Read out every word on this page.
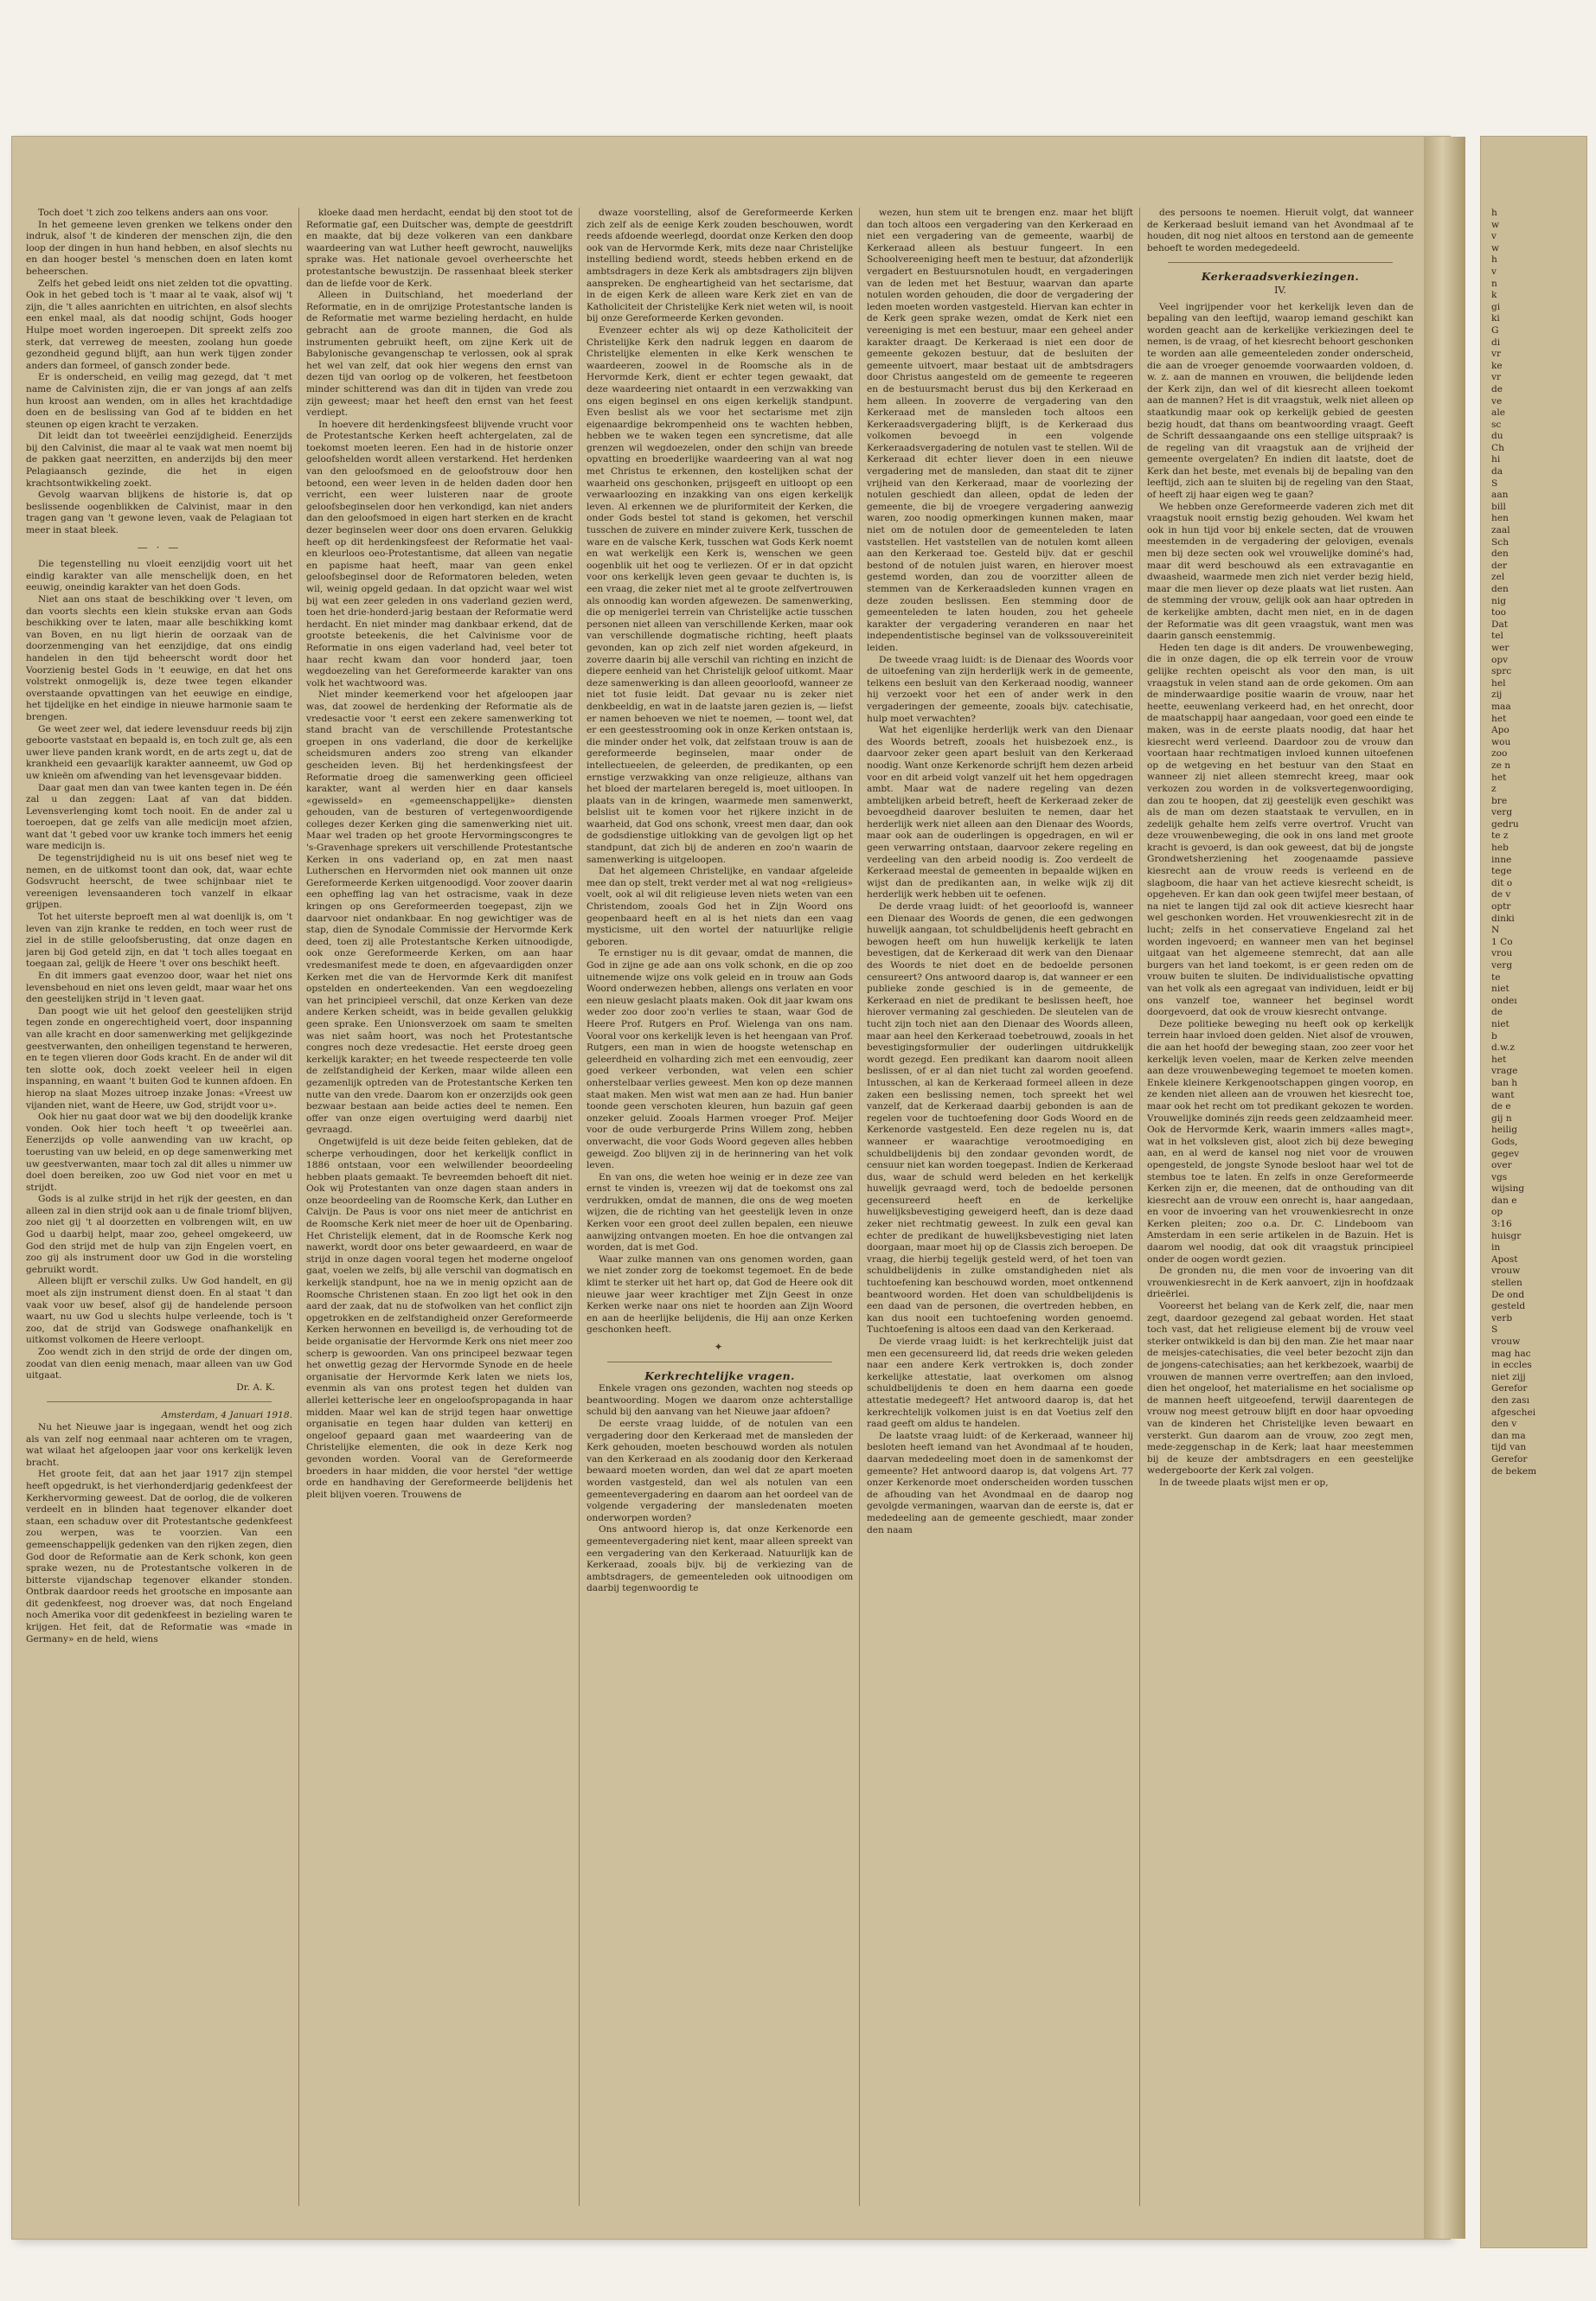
Toch doet 't zich zoo telkens anders aan ons voor.

In het gemeene leven grenken we telkens onder den indruk, alsof 't de kinderen der menschen zijn, die den loop der dingen in hun hand hebben, en alsof slechts nu en dan hooger bestel 's menschen doen en laten komt beheerschen.

Zelfs het gebed leidt ons niet zelden tot die opvatting. Ook in het gebed toch is 't maar al te vaak, alsof wij 't zijn, die 't alles aanrichten en uitrichten, en alsof slechts een enkel maal, als dat noodig schijnt, Gods hooger Hulpe moet worden ingeroepen. Dit spreekt zelfs zoo sterk, dat verreweg de meesten, zoolang hun goede gezondheid gegund blijft, aan hun werk tijgen zonder anders dan formeel, of gansch zonder bede.

Er is onderscheid, en veilig mag gezegd, dat 't met name de Calvinisten zijn, die er van jongs af aan zelfs hun kroost aan wenden, om in alles het krachtdadige doen en de beslissing van God af te bidden en het steunen op eigen kracht te verzaken.

Dit leidt dan tot tweeërlei eenzijdigheid. Eenerzijds bij den Calvinist, die maar al te vaak wat men noemt bij de pakken gaat neerzitten, en anderzijds bij den meer Pelagiaansch gezinde, die het in eigen krachtsontwikkeling zoekt.

Gevolg waarvan blijkens de historie is, dat op beslissende oogenblikken de Calvinist, maar in den tragen gang van 't gewone leven, vaak de Pelagiaan tot meer in staat bleek.

— · —

Die tegenstelling nu vloeit eenzijdig voort uit het eindig karakter van alle menschelijk doen, en het eeuwig, oneindig karakter van het doen Gods.

Niet aan ons staat de beschikking over 't leven, om dan voorts slechts een klein stukske ervan aan Gods beschikking over te laten, maar alle beschikking komt van Boven, en nu ligt hierin de oorzaak van de doorzenmenging van het eenzijdige, dat ons eindig handelen in den tijd beheerscht wordt door het Voorzienig bestel Gods in 't eeuwige, en dat het ons volstrekt onmogelijk is, deze twee tegen elkander overstaande opvattingen van het eeuwige en eindige, het tijdelijke en het eindige in nieuwe harmonie saam te brengen.

Ge weet zeer wel, dat iedere levensduur reeds bij zijn geboorte vaststaat en bepaald is, en toch zult ge, als een uwer lieve panden krank wordt, en de arts zegt u, dat de krankheid een gevaarlijk karakter aanneemt, uw God op uw knieën om afwending van het levensgevaar bidden.

Daar gaat men dan van twee kanten tegen in. De één zal u dan zeggen: Laat af van dat bidden. Levensverlenging komt toch nooit. En de ander zal u toeroepen, dat ge zelfs van alle medicijn moet afzien, want dat 't gebed voor uw kranke toch immers het eenig ware medicijn is.

De tegenstrijdigheid nu is uit ons besef niet weg te nemen, en de uitkomst toont dan ook, dat, waar echte Godsvrucht heerscht, de twee schijnbaar niet te vereenigen levensaanderen toch vanzelf in elkaar grijpen.

Tot het uiterste beproeft men al wat doenlijk is, om 't leven van zijn kranke te redden, en toch weer rust de ziel in de stille geloofsberusting, dat onze dagen en jaren bij God geteld zijn, en dat 't toch alles toegaat en toegaan zal, gelijk de Heere 't over ons beschikt heeft.

En dit immers gaat evenzoo door, waar het niet ons levensbehoud en niet ons leven geldt, maar waar het ons den geestelijken strijd in 't leven gaat.

Dan poogt wie uit het geloof den geestelijken strijd tegen zonde en ongerechtigheid voert, door inspanning van alle kracht en door samenwerking met gelijkgezinde geestverwanten, den onheiligen tegenstand te herweren, en te tegen vlieren door Gods kracht. En de ander wil dit ten slotte ook, doch zoekt veeleer heil in eigen inspanning, en waant 't buiten God te kunnen afdoen. En hierop na slaat Mozes uitroep inzake Jonas: «Vreest uw vijanden niet, want de Heere, uw God, strijdt voor u».

Ook hier nu gaat door wat we bij den doodelijk kranke vonden. Ook hier toch heeft 't op tweeërlei aan. Eenerzijds op volle aanwending van uw kracht, op toerusting van uw beleid, en op dege samenwerking met uw geestverwanten, maar toch zal dit alles u nimmer uw doel doen bereiken, zoo uw God niet voor en met u strijdt.

Gods is al zulke strijd in het rijk der geesten, en dan alleen zal in dien strijd ook aan u de finale triomf blijven, zoo niet gij 't al doorzetten en volbrengen wilt, en uw God u daarbij helpt, maar zoo, geheel omgekeerd, uw God den strijd met de hulp van zijn Engelen voert, en zoo gij als instrument door uw God in die worsteling gebruikt wordt.

Alleen blijft er verschil zulks. Uw God handelt, en gij moet als zijn instrument dienst doen. En al staat 't dan vaak voor uw besef, alsof gij de handelende persoon waart, nu uw God u slechts hulpe verleende, toch is 't zoo, dat de strijd van Godswege onafhankelijk en uitkomst volkomen de Heere verloopt.

Zoo wendt zich in den strijd de orde der dingen om, zoodat van dien eenig menach, maar alleen van uw God uitgaat.

Dr. A. K.

Amsterdam, 4 Januari 1918.

Nu het Nieuwe jaar is ingegaan, wendt het oog zich als van zelf nog eenmaal naar achteren om te vragen, wat wilaat het afgeloopen jaar voor ons kerkelijk leven bracht.

Het groote feit, dat aan het jaar 1917 zijn stempel heeft opgedrukt, is het vierhonderdjarig gedenkfeest der Kerkhervorming geweest. Dat de oorlog, die de volkeren verdeelt en in blinden haat tegenover elkander doet staan, een schaduw over dit Protestantsche gedenkfeest zou werpen, was te voorzien. Van een gemeenschappelijk gedenken van den rijken zegen, dien God door de Reformatie aan de Kerk schonk, kon geen sprake wezen, nu de Protestantsche volkeren in de bitterste vijandschap tegenover elkander stonden. Ontbrak daardoor reeds het grootsche en imposante aan dit gedenkfeest, nog droever was, dat noch Engeland noch Amerika voor dit gedenkfeest in bezieling waren te krijgen. Het feit, dat de Reformatie was «made in Germany» en de held, wiens

kloeke daad men herdacht, eendat bij den stoot tot de Reformatie gaf, een Duitscher was, dempte de geestdrift en maakte, dat bij deze volkeren van een dankbare waardeering van wat Luther heeft gewrocht, nauwelijks sprake was. Het nationale gevoel overheerschte het protestantsche bewustzijn. De rassenhaat bleek sterker dan de liefde voor de Kerk.

Alleen in Duitschland, het moederland der Reformatie, en in de omrijzige Protestantsche landen is de Reformatie met warme bezieling herdacht, en hulde gebracht aan de groote mannen, die God als instrumenten gebruikt heeft, om zijne Kerk uit de Babylonische gevangenschap te verlossen, ook al sprak het wel van zelf, dat ook hier wegens den ernst van dezen tijd van oorlog op de volkeren, het feestbetoon minder schitterend was dan dit in tijden van vrede zou zijn geweest; maar het heeft den ernst van het feest verdiept.

In hoevere dit herdenkingsfeest blijvende vrucht voor de Protestantsche Kerken heeft achtergelaten, zal de toekomst moeten leeren. Een had in de historie onzer geloofshelden wordt alleen verstarkend. Het herdenken van den geloofsmoed en de geloofstrouw door hen betoond, een weer leven in de helden daden door hen verricht, een weer luisteren naar de groote geloofsbeginselen door hen verkondigd, kan niet anders dan den geloofsmoed in eigen hart sterken en de kracht dezer beginselen weer door ons doen ervaren. Gelukkig heeft op dit herdenkingsfeest der Reformatie het vaal- en kleurloos oeo-Protestantisme, dat alleen van negatie en papisme haat heeft, maar van geen enkel geloofsbeginsel door de Reformatoren beleden, weten wil, weinig opgeld gedaan. In dat opzicht waar wel wist bij wat een zeer geleden in ons vaderland gezien werd, toen het drie-honderd-jarig bestaan der Reformatie werd herdacht. En niet minder mag dankbaar erkend, dat de grootste beteekenis, die het Calvinisme voor de Reformatie in ons eigen vaderland had, veel beter tot haar recht kwam dan voor honderd jaar, toen wegdoezeling van het Gereformeerde karakter van ons volk het wachtwoord was.

Niet minder keemerkend voor het afgeloopen jaar was, dat zoowel de herdenking der Reformatie als de vredesactie voor 't eerst een zekere samenwerking tot stand bracht van de verschillende Protestantsche groepen in ons vaderland, die door de kerkelijke scheidsmuren anders zoo streng van elkander gescheiden leven. Bij het herdenkingsfeest der Reformatie droeg die samenwerking geen officieel karakter, want al werden hier en daar kansels «gewisseld» en «gemeenschappelijke» diensten gehouden, van de besturen of vertegenwoordigende colleges dezer Kerken ging die samenwerking niet uit. Maar wel traden op het groote Hervormingscongres te 's-Gravenhage sprekers uit verschillende Protestantsche Kerken in ons vaderland op, en zat men naast Lutherschen en Hervormden niet ook mannen uit onze Gereformeerde Kerken uitgenoodigd. Voor zoover daarin een opheffing lag van het ostracisme, vaak in deze kringen op ons Gereformeerden toegepast, zijn we daarvoor niet ondankbaar. En nog gewichtiger was de stap, dien de Synodale Commissie der Hervormde Kerk deed, toen zij alle Protestantsche Kerken uitnoodigde, ook onze Gereformeerde Kerken, om aan haar vredesmanifest mede te doen, en afgevaardigden onzer Kerken met die van de Hervormde Kerk dit manifest opstelden en onderteekenden. Van een wegdoezeling van het principieel verschil, dat onze Kerken van deze andere Kerken scheidt, was in beide gevallen gelukkig geen sprake. Een Unionsverzoek om saam te smelten was niet saâm hoort, was noch het Protestantsche congres noch deze vredesactie. Het eerste droeg geen kerkelijk karakter; en het tweede respecteerde ten volle de zelfstandigheid der Kerken, maar wilde alleen een gezamenlijk optreden van de Protestantsche Kerken ten nutte van den vrede. Daarom kon er onzerzijds ook geen bezwaar bestaan aan beide acties deel te nemen. Een offer van onze eigen overtuiging werd daarbij niet gevraagd.

Ongetwijfeld is uit deze beide feiten gebleken, dat de scherpe verhoudingen, door het kerkelijk conflict in 1886 ontstaan, voor een welwillender beoordeeling hebben plaats gemaakt. Te bevreemden behoeft dit niet. Ook wij Protestanten van onze dagen staan anders in onze beoordeeling van de Roomsche Kerk, dan Luther en Calvijn. De Paus is voor ons niet meer de antichrist en de Roomsche Kerk niet meer de hoer uit de Openbaring. Het Christelijk element, dat in de Roomsche Kerk nog nawerkt, wordt door ons beter gewaardeerd, en waar de strijd in onze dagen vooral tegen het moderne ongeloof gaat, voelen we zelfs, bij alle verschil van dogmatisch en kerkelijk standpunt, hoe na we in menig opzicht aan de Roomsche Christenen staan. En zoo ligt het ook in den aard der zaak, dat nu de stofwolken van het conflict zijn opgetrokken en de zelfstandigheid onzer Gereformeerde Kerken herwonnen en beveiligd is, de verhouding tot de beide organisatie der Hervormde Kerk ons niet meer zoo scherp is gewoorden. Van ons principeel bezwaar tegen het onwettig gezag der Hervormde Synode en de heele organisatie der Hervormde Kerk laten we niets los, evenmin als van ons protest tegen het dulden van allerlei ketterische leer en ongeloofspropaganda in haar midden. Maar wel kan de strijd tegen haar onwettige organisatie en tegen haar dulden van ketterij en ongeloof gepaard gaan met waardeering van de Christelijke elementen, die ook in deze Kerk nog gevonden worden. Vooral van de Gereformeerde broeders in haar midden, die voor herstel "der wettige orde en handhaving der Gereformeerde belijdenis het pleit blijven voeren. Trouwens de

dwaze voorstelling, alsof de Gereformeerde Kerken zich zelf als de eenige Kerk zouden beschouwen, wordt reeds afdoende weerlegd, doordat onze Kerken den doop ook van de Hervormde Kerk, mits deze naar Christelijke instelling bediend wordt, steeds hebben erkend en de ambtsdragers in deze Kerk als ambtsdragers zijn blijven aanspreken. De engheartigheid van het sectarisme, dat in de eigen Kerk de alleen ware Kerk ziet en van de Katholiciteit der Christelijke Kerk niet weten wil, is nooit bij onze Gereformeerde Kerken gevonden.

Evenzeer echter als wij op deze Katholiciteit der Christelijke Kerk den nadruk leggen en daarom de Christelijke elementen in elke Kerk wenschen te waardeeren, zoowel in de Roomsche als in de Hervormde Kerk, dient er echter tegen gewaakt, dat deze waardeering niet ontaardt in een verzwakking van ons eigen beginsel en ons eigen kerkelijk standpunt. Even beslist als we voor het sectarisme met zijn eigenaardige bekrompenheid ons te wachten hebben, hebben we te waken tegen een syncretisme, dat alle grenzen wil wegdoezelen, onder den schijn van breede opvatting en broederlijke waardeering van al wat nog met Christus te erkennen, den kostelijken schat der waarheid ons geschonken, prijsgeeft en uitloopt op een verwaarloozing en inzakking van ons eigen kerkelijk leven. Al erkennen we de pluriformiteit der Kerken, die onder Gods bestel tot stand is gekomen, het verschil tusschen de zuivere en minder zuivere Kerk, tusschen de ware en de valsche Kerk, tusschen wat Gods Kerk noemt en wat werkelijk een Kerk is, wenschen we geen oogenblik uit het oog te verliezen. Of er in dat opzicht voor ons kerkelijk leven geen gevaar te duchten is, is een vraag, die zeker niet met al te groote zelfvertrouwen als onnoodig kan worden afgewezen. De samenwerking, die op menigerlei terrein van Christelijke actie tusschen personen niet alleen van verschillende Kerken, maar ook van verschillende dogmatische richting, heeft plaats gevonden, kan op zich zelf niet worden afgekeurd, in zoverre daarin bij alle verschil van richting en inzicht de diepere eenheid van het Christelijk geloof uitkomt. Maar deze samenwerking is dan alleen geoorloofd, wanneer ze niet tot fusie leidt. Dat gevaar nu is zeker niet denkbeeldig, en wat in de laatste jaren gezien is, — liefst er namen behoeven we niet te noemen, — toont wel, dat er een geestesstrooming ook in onze Kerken ontstaan is, die minder onder het volk, dat zelfstaan trouw is aan de gereformeerde beginselen, maar onder de intellectueelen, de geleerden, de predikanten, op een ernstige verzwakking van onze religieuze, althans van het bloed der martelaren beregeld is, moet uitloopen. In plaats van in de kringen, waarmede men samenwerkt, belslist uit te komen voor het rijkere inzicht in de waarheid, dat God ons schonk, vreest men daar, dan ook de godsdienstige uitlokking van de gevolgen ligt op het standpunt, dat zich bij de anderen en zoo'n waarin de samenwerking is uitgeloopen.

Dat het algemeen Christelijke, en vandaar afgeleide mee dan op stelt, trekt verder met al wat nog «religieus» voelt, ook al wil dit religieuse leven niets weten van een Christendom, zooals God het in Zijn Woord ons geopenbaard heeft en al is het niets dan een vaag mysticisme, uit den wortel der natuurlijke religie geboren.

Te ernstiger nu is dit gevaar, omdat de mannen, die God in zijne ge ade aan ons volk schonk, en die op zoo uitnemende wijze ons volk geleid en in trouw aan Gods Woord onderwezen hebben, allengs ons verlaten en voor een nieuw geslacht plaats maken. Ook dit jaar kwam ons weder zoo door zoo'n verlies te staan, waar God de Heere Prof. Rutgers en Prof. Wielenga van ons nam. Vooral voor ons kerkelijk leven is het heengaan van Prof. Rutgers, een man in wien de hoogste wetenschap en geleerdheid en volharding zich met een eenvoudig, zeer goed verkeer verbonden, wat velen een schier onherstelbaar verlies geweest. Men kon op deze mannen staat maken. Men wist wat men aan ze had. Hun banier toonde geen verschoten kleuren, hun bazuin gaf geen onzeker geluid. Zooals Harmen vroeger Prof. Meijer voor de oude verburgerde Prins Willem zong, hebben onverwacht, die voor Gods Woord gegeven alles hebben geweigd. Zoo blijven zij in de herinnering van het volk leven.

En van ons, die weten hoe weinig er in deze zee van ernst te vinden is, vreezen wij dat de toekomst ons zal verdrukken, omdat de mannen, die ons de weg moeten wijzen, die de richting van het geestelijk leven in onze Kerken voor een groot deel zullen bepalen, een nieuwe aanwijzing ontvangen moeten. En hoe die ontvangen zal worden, dat is met God.

Waar zulke mannen van ons genomen worden, gaan we niet zonder zorg de toekomst tegemoet. En de bede klimt te sterker uit het hart op, dat God de Heere ook dit nieuwe jaar weer krachtiger met Zijn Geest in onze Kerken werke naar ons niet te hoorden aan Zijn Woord en aan de heerlijke belijdenis, die Hij aan onze Kerken geschonken heeft.

✦
Kerkrechtelijke vragen.

Enkele vragen ons gezonden, wachten nog steeds op beantwoording. Mogen we daarom onze achterstallige schuld bij den aanvang van het Nieuwe jaar afdoen?

De eerste vraag luidde, of de notulen van een vergadering door den Kerkeraad met de mansleden der Kerk gehouden, moeten beschouwd worden als notulen van den Kerkeraad en als zoodanig door den Kerkeraad bewaard moeten worden, dan wel dat ze apart moeten worden vastgesteld, dan wel als notulen van een gemeentevergadering en daarom aan het oordeel van de volgende vergadering der mansledenaten moeten onderworpen worden?

Ons antwoord hierop is, dat onze Kerkenorde een gemeentevergadering niet kent, maar alleen spreekt van een vergadering van den Kerkeraad. Natuurlijk kan de Kerkeraad, zooals bijv. bij de verkiezing van de ambtsdragers, de gemeenteleden ook uitnoodigen om daarbij tegenwoordig te

wezen, hun stem uit te brengen enz. maar het blijft dan toch altoos een vergadering van den Kerkeraad en niet een vergadering van de gemeente, waarbij de Kerkeraad alleen als bestuur fungeert. In een Schoolvereeniging heeft men te bestuur, dat afzonderlijk vergadert en Bestuursnotulen houdt, en vergaderingen van de leden met het Bestuur, waarvan dan aparte notulen worden gehouden, die door de vergadering der leden moeten worden vastgesteld. Hiervan kan echter in de Kerk geen sprake wezen, omdat de Kerk niet een vereeniging is met een bestuur, maar een geheel ander karakter draagt. De Kerkeraad is niet een door de gemeente gekozen bestuur, dat de besluiten der gemeente uitvoert, maar bestaat uit de ambtsdragers door Christus aangesteld om de gemeente te regeeren en de bestuursmacht berust dus bij den Kerkeraad en hem alleen. In zooverre de vergadering van den Kerkeraad met de mansleden toch altoos een Kerkeraadsvergadering blijft, is de Kerkeraad dus volkomen bevoegd in een volgende Kerkeraadsvergadering de notulen vast te stellen. Wil de Kerkeraad dit echter liever doen in een nieuwe vergadering met de mansleden, dan staat dit te zijner vrijheid van den Kerkeraad, maar de voorlezing der notulen geschiedt dan alleen, opdat de leden der gemeente, die bij de vroegere vergadering aanwezig waren, zoo noodig opmerkingen kunnen maken, maar niet om de notulen door de gemeenteleden te laten vaststellen. Het vaststellen van de notulen komt alleen aan den Kerkeraad toe. Gesteld bijv. dat er geschil bestond of de notulen juist waren, en hierover moest gestemd worden, dan zou de voorzitter alleen de stemmen van de Kerkeraadsleden kunnen vragen en deze zouden beslissen. Een stemming door de gemeenteleden te laten houden, zou het geheele karakter der vergadering veranderen en naar het independentistische beginsel van de volkssouvereiniteit leiden.

De tweede vraag luidt: is de Dienaar des Woords voor de uitoefening van zijn herderlijk werk in de gemeente, telkens een besluit van den Kerkeraad noodig, wanneer hij verzoekt voor het een of ander werk in den vergaderingen der gemeente, zooals bijv. catechisatie, hulp moet verwachten?

Wat het eigenlijke herderlijk werk van den Dienaar des Woords betreft, zooals het huisbezoek enz., is daarvoor zeker geen apart besluit van den Kerkeraad noodig. Want onze Kerkenorde schrijft hem dezen arbeid voor en dit arbeid volgt vanzelf uit het hem opgedragen ambt. Maar wat de nadere regeling van dezen ambtelijken arbeid betreft, heeft de Kerkeraad zeker de bevoegdheid daarover besluiten te nemen, daar het herderlijk werk niet alleen aan den Dienaar des Woords, maar ook aan de ouderlingen is opgedragen, en wil er geen verwarring ontstaan, daarvoor zekere regeling en verdeeling van den arbeid noodig is. Zoo verdeelt de Kerkeraad meestal de gemeenten in bepaalde wijken en wijst dan de predikanten aan, in welke wijk zij dit herderlijk werk hebben uit te oefenen.

De derde vraag luidt: of het geoorloofd is, wanneer een Dienaar des Woords de genen, die een gedwongen huwelijk aangaan, tot schuldbelijdenis heeft gebracht en bewogen heeft om hun huwelijk kerkelijk te laten bevestigen, dat de Kerkeraad dit werk van den Dienaar des Woords te niet doet en de bedoelde personen censureert? Ons antwoord daarop is, dat wanneer er een publieke zonde geschied is in de gemeente, de Kerkeraad en niet de predikant te beslissen heeft, hoe hierover vermaning zal geschieden. De sleutelen van de tucht zijn toch niet aan den Dienaar des Woords alleen, maar aan heel den Kerkeraad toebetrouwd, zooals in het bevestigingsformulier der ouderlingen uitdrukkelijk wordt gezegd. Een predikant kan daarom nooit alleen beslissen, of er al dan niet tucht zal worden geoefend. Intusschen, al kan de Kerkeraad formeel alleen in deze zaken een beslissing nemen, toch spreekt het wel vanzelf, dat de Kerkeraad daarbij gebonden is aan de regelen voor de tuchtoefening door Gods Woord en de Kerkenorde vastgesteld. Een deze regelen nu is, dat wanneer er waarachtige verootmoediging en schuldbelijdenis bij den zondaar gevonden wordt, de censuur niet kan worden toegepast. Indien de Kerkeraad dus, waar de schuld werd beleden en het kerkelijk huwelijk gevraagd werd, toch de bedoelde personen gecensureerd heeft en de kerkelijke huwelijksbevestiging geweigerd heeft, dan is deze daad zeker niet rechtmatig geweest. In zulk een geval kan echter de predikant de huwelijksbevestiging niet laten doorgaan, maar moet hij op de Classis zich beroepen. De vraag, die hierbij tegelijk gesteld werd, of het toen van schuldbelijdenis in zulke omstandigheden niet als tuchtoefening kan beschouwd worden, moet ontkennend beantwoord worden. Het doen van schuldbelijdenis is een daad van de personen, die overtreden hebben, en kan dus nooit een tuchtoefening worden genoemd. Tuchtoefening is altoos een daad van den Kerkeraad.

De vierde vraag luidt: is het kerkrechtelijk juist dat men een gecensureerd lid, dat reeds drie weken geleden naar een andere Kerk vertrokken is, doch zonder kerkelijke attestatie, laat overkomen om alsnog schuldbelijdenis te doen en hem daarna een goede attestatie medegeeft? Het antwoord daarop is, dat het kerkrechtelijk volkomen juist is en dat Voetius zelf den raad geeft om aldus te handelen.

De laatste vraag luidt: of de Kerkeraad, wanneer hij besloten heeft iemand van het Avondmaal af te houden, daarvan mededeeling moet doen in de samenkomst der gemeente? Het antwoord daarop is, dat volgens Art. 77 onzer Kerkenorde moet onderscheiden worden tusschen de afhouding van het Avondmaal en de daarop nog gevolgde vermaningen, waarvan dan de eerste is, dat er mededeeling aan de gemeente geschiedt, maar zonder den naam

des persoons te noemen. Hieruit volgt, dat wanneer de Kerkeraad besluit iemand van het Avondmaal af te houden, dit nog niet altoos en terstond aan de gemeente behoeft te worden medegedeeld.

Kerkeraadsverkiezingen.
IV.

Veel ingrijpender voor het kerkelijk leven dan de bepaling van den leeftijd, waarop iemand geschikt kan worden geacht aan de kerkelijke verkiezingen deel te nemen, is de vraag, of het kiesrecht behoort geschonken te worden aan alle gemeenteleden zonder onderscheid, die aan de vroeger genoemde voorwaarden voldoen, d. w. z. aan de mannen en vrouwen, die belijdende leden der Kerk zijn, dan wel of dit kiesrecht alleen toekomt aan de mannen? Het is dit vraagstuk, welk niet alleen op staatkundig maar ook op kerkelijk gebied de geesten bezig houdt, dat thans om beantwoording vraagt. Geeft de Schrift dessaangaande ons een stellige uitspraak? is de regeling van dit vraagstuk aan de vrijheid der gemeente overgelaten? En indien dit laatste, doet de Kerk dan het beste, met evenals bij de bepaling van den leeftijd, zich aan te sluiten bij de regeling van den Staat, of heeft zij haar eigen weg te gaan?

We hebben onze Gereformeerde vaderen zich met dit vraagstuk nooit ernstig bezig gehouden. Wel kwam het ook in hun tijd voor bij enkele secten, dat de vrouwen meestemden in de vergadering der gelovigen, evenals men bij deze secten ook wel vrouwelijke dominé's had, maar dit werd beschouwd als een extravagantie en dwaasheid, waarmede men zich niet verder bezig hield, maar die men liever op deze plaats wat liet rusten. Aan de stemming der vrouw, gelijk ook aan haar optreden in de kerkelijke ambten, dacht men niet, en in de dagen der Reformatie was dit geen vraagstuk, want men was daarin gansch eenstemmig.

Heden ten dage is dit anders. De vrouwenbeweging, die in onze dagen, die op elk terrein voor de vrouw gelijke rechten opeischt als voor den man, is uit vraagstuk in velen stand aan de orde gekomen. Om aan de minderwaardige positie waarin de vrouw, naar het heette, eeuwenlang verkeerd had, en het onrecht, door de maatschappij haar aangedaan, voor goed een einde te maken, was in de eerste plaats noodig, dat haar het kiesrecht werd verleend. Daardoor zou de vrouw dan voortaan haar rechtmatigen invloed kunnen uitoefenen op de wetgeving en het bestuur van den Staat en wanneer zij niet alleen stemrecht kreeg, maar ook verkozen zou worden in de volksvertegenwoordiging, dan zou te hoopen, dat zij geestelijk even geschikt was als de man om dezen staatstaak te vervullen, en in zedelijk gehalte hem zelfs verre overtrof. Vrucht van deze vrouwenbeweging, die ook in ons land met groote kracht is gevoerd, is dan ook geweest, dat bij de jongste Grondwetsherziening het zoogenaamde passieve kiesrecht aan de vrouw reeds is verleend en de slagboom, die haar van het actieve kiesrecht scheidt, is opgeheven. Er kan dan ook geen twijfel meer bestaan, of na niet te langen tijd zal ook dit actieve kiesrecht haar wel geschonken worden. Het vrouwenkiesrecht zit in de lucht; zelfs in het conservatieve Engeland zal het worden ingevoerd; en wanneer men van het beginsel uitgaat van het algemeene stemrecht, dat aan alle burgers van het land toekomt, is er geen reden om de vrouw buiten te sluiten. De individualistische opvatting van het volk als een agregaat van individuen, leidt er bij ons vanzelf toe, wanneer het beginsel wordt doorgevoerd, dat ook de vrouw kiesrecht ontvange.

Deze politieke beweging nu heeft ook op kerkelijk terrein haar invloed doen gelden. Niet alsof de vrouwen, die aan het hoofd der beweging staan, zoo zeer voor het kerkelijk leven voelen, maar de Kerken zelve meenden aan deze vrouwenbeweging tegemoet te moeten komen. Enkele kleinere Kerkgenootschappen gingen voorop, en ze kenden niet alleen aan de vrouwen het kiesrecht toe, maar ook het recht om tot predikant gekozen te worden. Vrouwelijke dominés zijn reeds geen zeldzaamheid meer. Ook de Hervormde Kerk, waarin immers «alles magt», wat in het volksleven gist, aloot zich bij deze beweging aan, en al werd de kansel nog niet voor de vrouwen opengesteld, de jongste Synode besloot haar wel tot de stembus toe te laten. En zelfs in onze Gereformeerde Kerken zijn er, die meenen, dat de onthouding van dit kiesrecht aan de vrouw een onrecht is, haar aangedaan, en voor de invoering van het vrouwenkiesrecht in onze Kerken pleiten; zoo o.a. Dr. C. Lindeboom van Amsterdam in een serie artikelen in de Bazuin. Het is daarom wel noodig, dat ook dit vraagstuk principieel onder de oogen wordt gezien.

De gronden nu, die men voor de invoering van dit vrouwenkiesrecht in de Kerk aanvoert, zijn in hoofdzaak drieërlei.

Vooreerst het belang van de Kerk zelf, die, naar men zegt, daardoor gezegend zal gebaat worden. Het staat toch vast, dat het religieuse element bij de vrouw veel sterker ontwikkeld is dan bij den man. Zie het maar naar de meisjes-catechisaties, die veel beter bezocht zijn dan de jongens-catechisaties; aan het kerkbezoek, waarbij de vrouwen de mannen verre overtreffen; aan den invloed, dien het ongeloof, het materialisme en het socialisme op de mannen heeft uitgeoefend, terwijl daarentegen de vrouw nog meest getrouw blijft en door haar opvoeding van de kinderen het Christelijke leven bewaart en versterkt. Gun daarom aan de vrouw, zoo zegt men, mede-zeggenschap in de Kerk; laat haar meestemmen bij de keuze der ambtsdragers en een geestelijke wedergeboorte der Kerk zal volgen.

In de tweede plaats wijst men er op,

h
w
v
w
h
v
n
k
gi
ki
G
di
vr
ke
vr
de
ve
ale
sc
du
Ch
hi
da
S
aan
bill
hen
zaal
Sch
den
der
zel
den
nig
too
Dat
tel
wer
opv
sprc
hel
zij
maa
het
Apo
wou
zoo
ze n
het
z
bre
verg
gedru
te z
heb
inne
tege
dit o
de v
optr
dinki
N
1 Co
vrou
verg
te
niet
ondeı
de
niet
b
d.w.z
het
vrage
ban h
want
de e
gij n
heilig
Gods,
gegev
over
vgs
wijsing
dan e
op
3:16
huisgr
in
Apost
vrouw
stellen
De ond
gesteld
verb
S
vrouw
mag hac
in eccles
niet zijj
Gerefor
den zası
afgeschei
den v
dan ma
tijd van
Gerefor
de bekem
